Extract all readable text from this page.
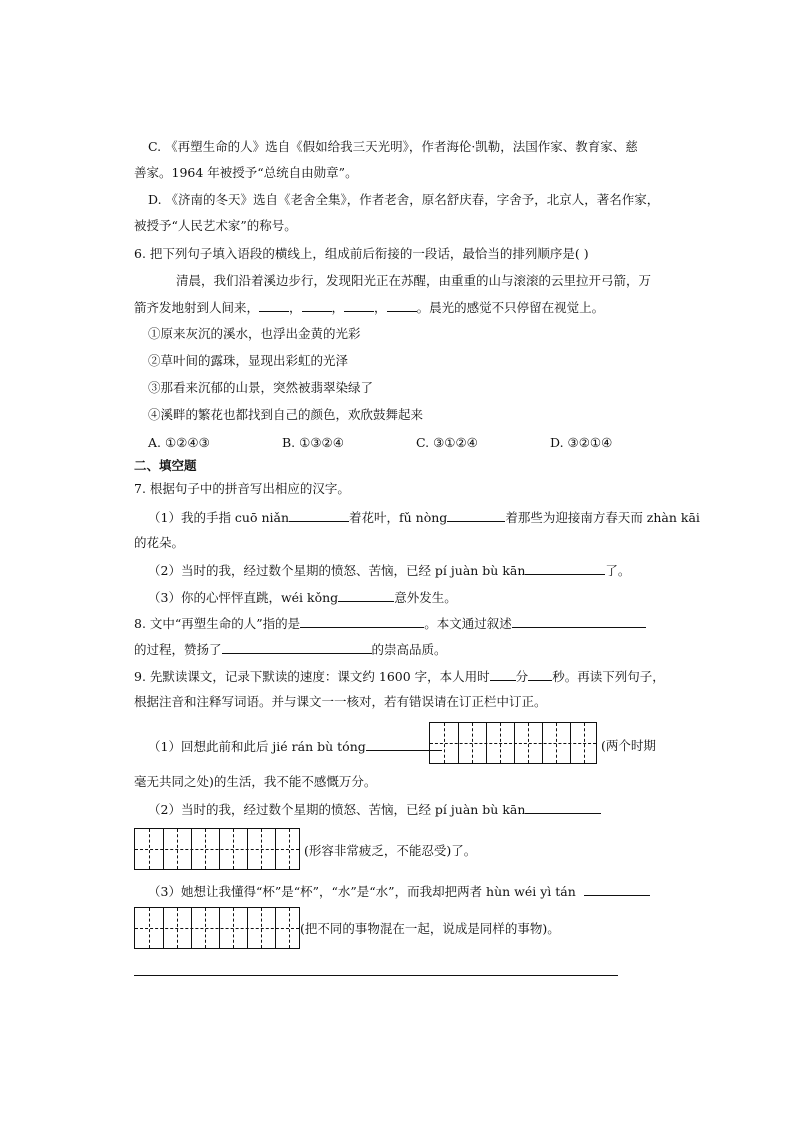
C. 《再塑生命的人》选自《假如给我三天光明》，作者海伦·凯勒，法国作家、教育家、慈
善家。1964 年被授予“总统自由勋章”。
D. 《济南的冬天》选自《老舍全集》，作者老舍，原名舒庆春，字舍予，北京人，著名作家，
被授予“人民艺术家”的称号。
6. 把下列句子填入语段的横线上，组成前后衔接的一段话，最恰当的排列顺序是( )
清晨，我们沿着溪边步行，发现阳光正在苏醒，由重重的山与滚滚的云里拉开弓箭，万
箭齐发地射到人间来， ， ， ， 。晨光的感觉不只停留在视觉上。
①原来灰沉的溪水，也浮出金黄的光彩
②草叶间的露珠，显现出彩虹的光泽
③那看来沉郁的山景，突然被翡翠染绿了
④溪畔的繁花也都找到自己的颜色，欢欣鼓舞起来
A. ①②④③	B. ①③②④	C. ③①②④	D. ③②①④
二、填空题
7. 根据句子中的拼音写出相应的汉字。
（1）我的手指 cuō niǎn	着花叶，fǔ nòng	着那些为迎接南方春天而 zhàn kāi
的花朵。
（2）当时的我，经过数个星期的愤怒、苦恼，已经 pí juàn bù kān	了。
（3）你的心怦怦直跳，wéi kǒng	意外发生。
8. 文中“再塑生命的人”指的是	。本文通过叙述
的过程，赞扬了	的崇高品质。
9. 先默读课文，记录下默读的速度：课文约 1600 字，本人用时 分 秒。再读下列句子，
根据注音和注释写词语。并与课文一一核对，若有错误请在订正栏中订正。
（1）回想此前和此后 jié rán bù tóng	(两个时期
毫无共同之处)的生活，我不能不感慨万分。
（2）当时的我，经过数个星期的愤怒、苦恼，已经 pí juàn bù kān
(形容非常疲乏，不能忍受)了。
（3）她想让我懂得“杯”是“杯”，“水”是“水”，而我却把两者 hùn wéi yì tán
(把不同的事物混在一起，说成是同样的事物)。
